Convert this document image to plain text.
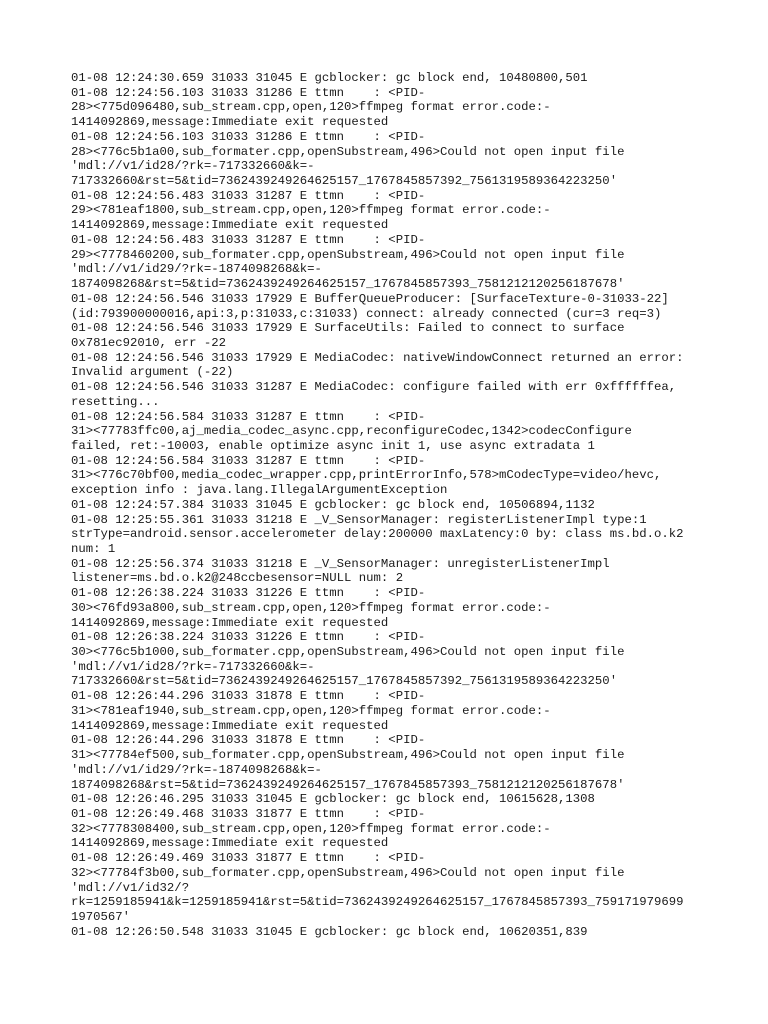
01-08 12:24:30.659 31033 31045 E gcblocker: gc block end, 10480800,501
01-08 12:24:56.103 31033 31286 E ttmn    : <PID-
28><775d096480,sub_stream.cpp,open,120>ffmpeg format error.code:-
1414092869,message:Immediate exit requested
01-08 12:24:56.103 31033 31286 E ttmn    : <PID-
28><776c5b1a00,sub_formater.cpp,openSubstream,496>Could not open input file
'mdl://v1/id28/?rk=-717332660&k=-
717332660&rst=5&tid=7362439249264625157_1767845857392_7561319589364223250'
01-08 12:24:56.483 31033 31287 E ttmn    : <PID-
29><781eaf1800,sub_stream.cpp,open,120>ffmpeg format error.code:-
1414092869,message:Immediate exit requested
01-08 12:24:56.483 31033 31287 E ttmn    : <PID-
29><7778460200,sub_formater.cpp,openSubstream,496>Could not open input file
'mdl://v1/id29/?rk=-1874098268&k=-
1874098268&rst=5&tid=7362439249264625157_1767845857393_7581212120256187678'
01-08 12:24:56.546 31033 17929 E BufferQueueProducer: [SurfaceTexture-0-31033-22]
(id:793900000016,api:3,p:31033,c:31033) connect: already connected (cur=3 req=3)
01-08 12:24:56.546 31033 17929 E SurfaceUtils: Failed to connect to surface
0x781ec92010, err -22
01-08 12:24:56.546 31033 17929 E MediaCodec: nativeWindowConnect returned an error:
Invalid argument (-22)
01-08 12:24:56.546 31033 31287 E MediaCodec: configure failed with err 0xffffffea,
resetting...
01-08 12:24:56.584 31033 31287 E ttmn    : <PID-
31><77783ffc00,aj_media_codec_async.cpp,reconfigureCodec,1342>codecConfigure
failed, ret:-10003, enable optimize async init 1, use async extradata 1
01-08 12:24:56.584 31033 31287 E ttmn    : <PID-
31><776c70bf00,media_codec_wrapper.cpp,printErrorInfo,578>mCodecType=video/hevc,
exception info : java.lang.IllegalArgumentException
01-08 12:24:57.384 31033 31045 E gcblocker: gc block end, 10506894,1132
01-08 12:25:55.361 31033 31218 E _V_SensorManager: registerListenerImpl type:1
strType=android.sensor.accelerometer delay:200000 maxLatency:0 by: class ms.bd.o.k2
num: 1
01-08 12:25:56.374 31033 31218 E _V_SensorManager: unregisterListenerImpl
listener=ms.bd.o.k2@248ccbesensor=NULL num: 2
01-08 12:26:38.224 31033 31226 E ttmn    : <PID-
30><76fd93a800,sub_stream.cpp,open,120>ffmpeg format error.code:-
1414092869,message:Immediate exit requested
01-08 12:26:38.224 31033 31226 E ttmn    : <PID-
30><776c5b1000,sub_formater.cpp,openSubstream,496>Could not open input file
'mdl://v1/id28/?rk=-717332660&k=-
717332660&rst=5&tid=7362439249264625157_1767845857392_7561319589364223250'
01-08 12:26:44.296 31033 31878 E ttmn    : <PID-
31><781eaf1940,sub_stream.cpp,open,120>ffmpeg format error.code:-
1414092869,message:Immediate exit requested
01-08 12:26:44.296 31033 31878 E ttmn    : <PID-
31><77784ef500,sub_formater.cpp,openSubstream,496>Could not open input file
'mdl://v1/id29/?rk=-1874098268&k=-
1874098268&rst=5&tid=7362439249264625157_1767845857393_7581212120256187678'
01-08 12:26:46.295 31033 31045 E gcblocker: gc block end, 10615628,1308
01-08 12:26:49.468 31033 31877 E ttmn    : <PID-
32><7778308400,sub_stream.cpp,open,120>ffmpeg format error.code:-
1414092869,message:Immediate exit requested
01-08 12:26:49.469 31033 31877 E ttmn    : <PID-
32><77784f3b00,sub_formater.cpp,openSubstream,496>Could not open input file
'mdl://v1/id32/?
rk=1259185941&k=1259185941&rst=5&tid=7362439249264625157_1767845857393_759171979699
1970567'
01-08 12:26:50.548 31033 31045 E gcblocker: gc block end, 10620351,839
